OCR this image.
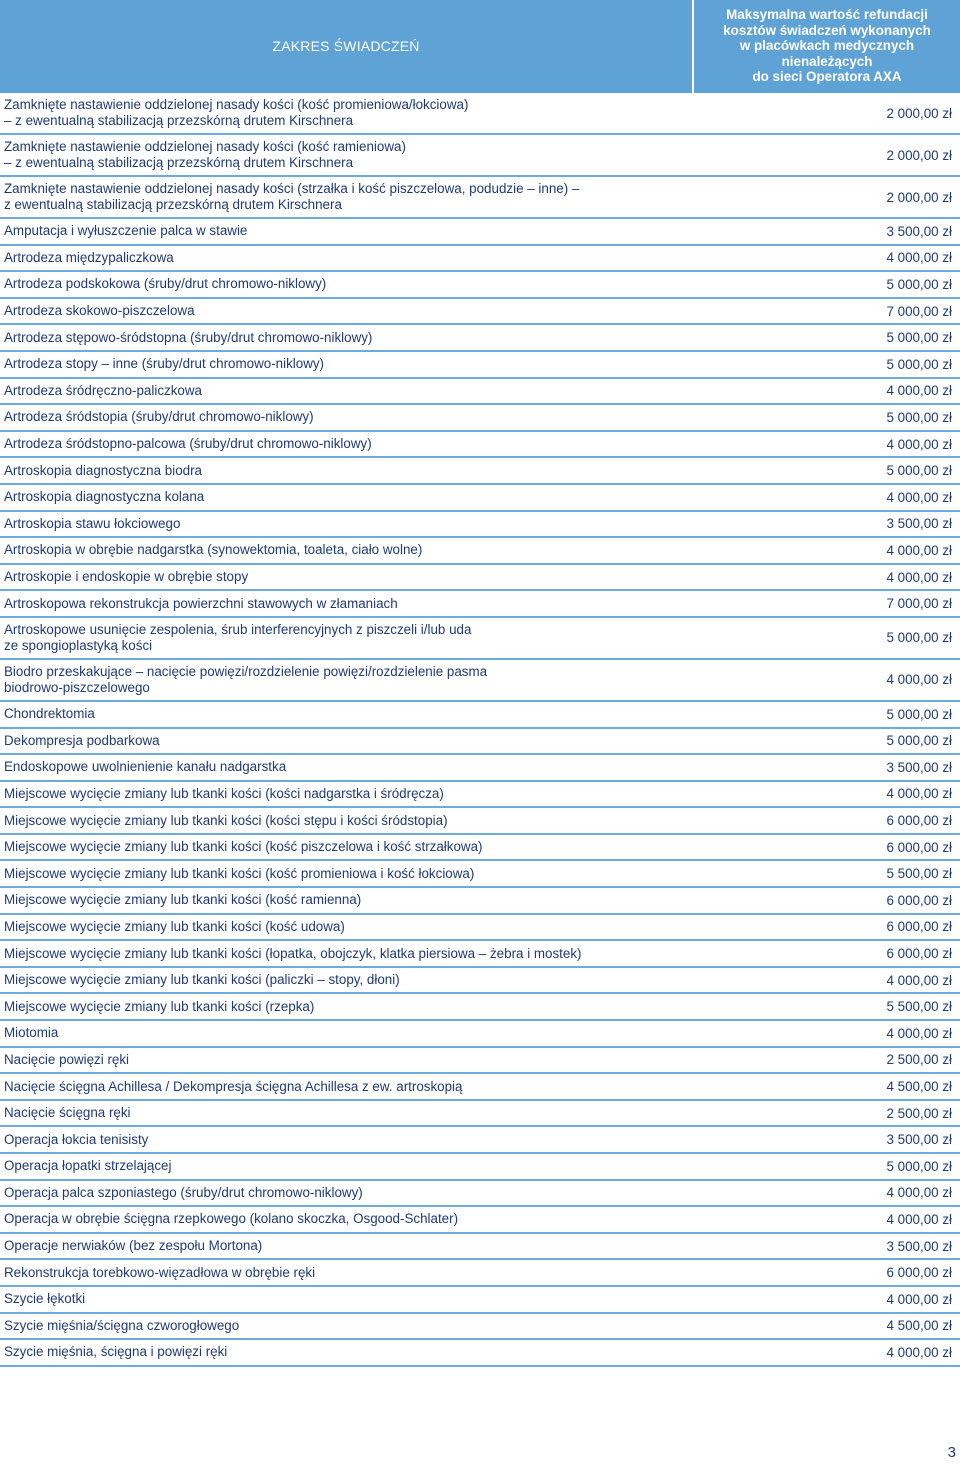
ZAKRES ŚWIADCZEŃ
Maksymalna wartość refundacji
kosztów świadczeń wykonanych
w placówkach medycznych
nienależących
do sieci Operatora AXA
Zamknięte nastawienie oddzielonej nasady kości (kość promieniowa/łokciowa)
– z ewentualną stabilizacją przezskórną drutem Kirschnera	2 000,00 zł
Zamknięte nastawienie oddzielonej nasady kości (kość ramieniowa)
– z ewentualną stabilizacją przezskórną drutem Kirschnera	2 000,00 zł
Zamknięte nastawienie oddzielonej nasady kości (strzałka i kość piszczelowa, podudzie – inne) –
z ewentualną stabilizacją przezskórną drutem Kirschnera	2 000,00 zł
Amputacja i wyłuszczenie palca w stawie	3 500,00 zł
Artrodeza międzypaliczkowa	4 000,00 zł
Artrodeza podskokowa (śruby/drut chromowo-niklowy)	5 000,00 zł
Artrodeza skokowo-piszczelowa	7 000,00 zł
Artrodeza stępowo-śródstopna (śruby/drut chromowo-niklowy)	5 000,00 zł
Artrodeza stopy – inne (śruby/drut chromowo-niklowy)	5 000,00 zł
Artrodeza śródręczno-paliczkowa	4 000,00 zł
Artrodeza śródstopia (śruby/drut chromowo-niklowy)	5 000,00 zł
Artrodeza śródstopno-palcowa (śruby/drut chromowo-niklowy)	4 000,00 zł
Artroskopia diagnostyczna biodra	5 000,00 zł
Artroskopia diagnostyczna kolana	4 000,00 zł
Artroskopia stawu łokciowego	3 500,00 zł
Artroskopia w obrębie nadgarstka (synowektomia, toaleta, ciało wolne)	4 000,00 zł
Artroskopie i endoskopie w obrębie stopy	4 000,00 zł
Artroskopowa rekonstrukcja powierzchni stawowych w złamaniach	7 000,00 zł
Artroskopowe usunięcie zespolenia, śrub interferencyjnych z piszczeli i/lub uda
ze spongioplastyką kości	5 000,00 zł
Biodro przeskakujące – nacięcie powięzi/rozdzielenie powięzi/rozdzielenie pasma
biodrowo-piszczelowego	4 000,00 zł
Chondrektomia	5 000,00 zł
Dekompresja podbarkowa	5 000,00 zł
Endoskopowe uwolnienienie kanału nadgarstka	3 500,00 zł
Miejscowe wycięcie zmiany lub tkanki kości (kości nadgarstka i śródręcza)	4 000,00 zł
Miejscowe wycięcie zmiany lub tkanki kości (kości stępu i kości śródstopia)	6 000,00 zł
Miejscowe wycięcie zmiany lub tkanki kości (kość piszczelowa i kość strzałkowa)	6 000,00 zł
Miejscowe wycięcie zmiany lub tkanki kości (kość promieniowa i kość łokciowa)	5 500,00 zł
Miejscowe wycięcie zmiany lub tkanki kości (kość ramienna)	6 000,00 zł
Miejscowe wycięcie zmiany lub tkanki kości (kość udowa)	6 000,00 zł
Miejscowe wycięcie zmiany lub tkanki kości (łopatka, obojczyk, klatka piersiowa – żebra i mostek)	6 000,00 zł
Miejscowe wycięcie zmiany lub tkanki kości (paliczki – stopy, dłoni)	4 000,00 zł
Miejscowe wycięcie zmiany lub tkanki kości (rzepka)	5 500,00 zł
Miotomia	4 000,00 zł
Nacięcie powięzi ręki	2 500,00 zł
Nacięcie ścięgna Achillesa / Dekompresja ścięgna Achillesa z ew. artroskopią	4 500,00 zł
Nacięcie ścięgna ręki	2 500,00 zł
Operacja łokcia tenisisty	3 500,00 zł
Operacja łopatki strzelającej	5 000,00 zł
Operacja palca szponiastego (śruby/drut chromowo-niklowy)	4 000,00 zł
Operacja w obrębie ścięgna rzepkowego (kolano skoczka, Osgood-Schlater)	4 000,00 zł
Operacje nerwiaków (bez zespołu Mortona)	3 500,00 zł
Rekonstrukcja torebkowo-więzadłowa w obrębie ręki	6 000,00 zł
Szycie łękotki	4 000,00 zł
Szycie mięśnia/ścięgna czworogłowego	4 500,00 zł
Szycie mięśnia, ścięgna i powięzi ręki	4 000,00 zł
3
